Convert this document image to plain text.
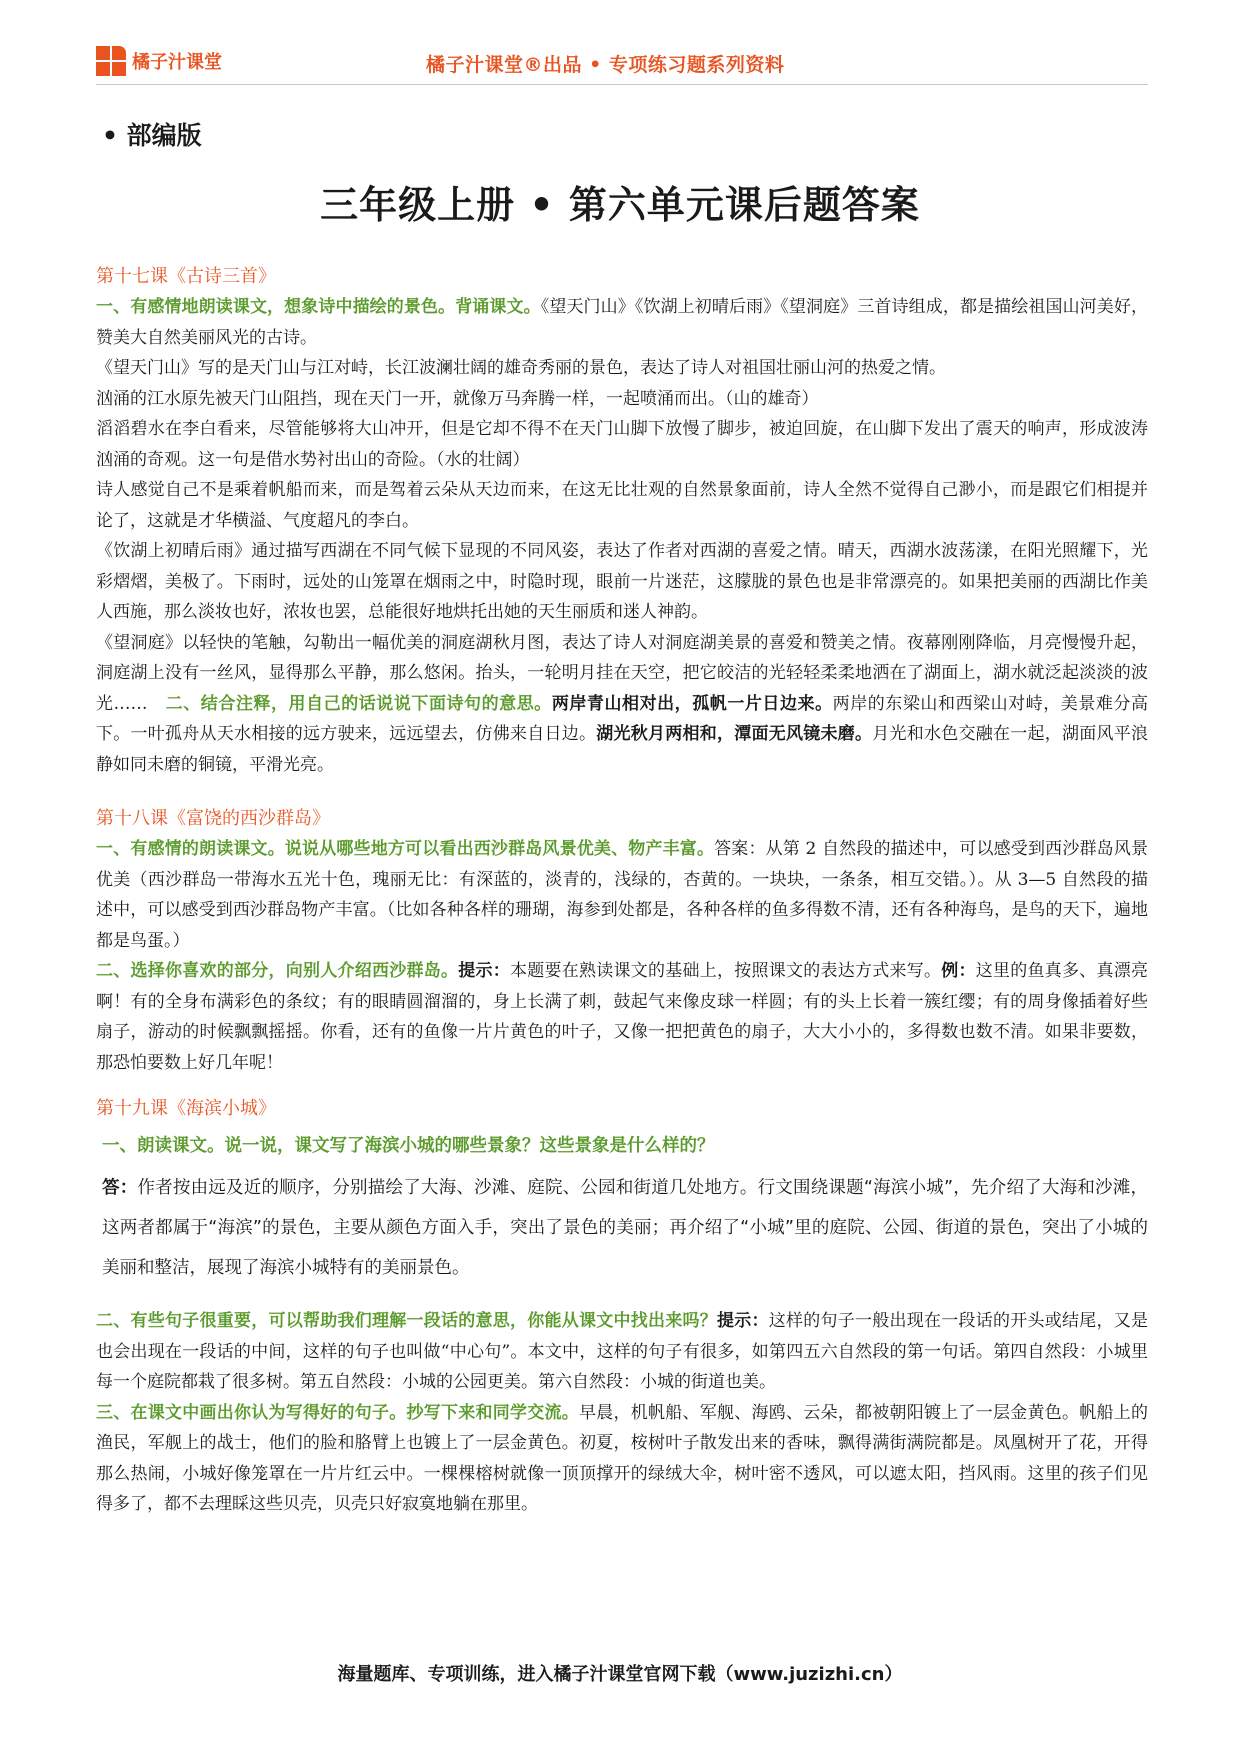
橘子汁课堂	橘子汁课堂®出品 • 专项练习题系列资料
• 部编版
三年级上册 • 第六单元课后题答案
第十七课《古诗三首》

一、有感情地朗读课文，想象诗中描绘的景色。背诵课文。《望天门山》《饮湖上初晴后雨》《望洞庭》三首诗组成，都是描绘祖国山河美好，赞美大自然美丽风光的古诗。

《望天门山》写的是天门山与江对峙，长江波澜壮阔的雄奇秀丽的景色，表达了诗人对祖国壮丽山河的热爱之情。

汹涌的江水原先被天门山阻挡，现在天门一开，就像万马奔腾一样，一起喷涌而出。（山的雄奇）

滔滔碧水在李白看来，尽管能够将大山冲开，但是它却不得不在天门山脚下放慢了脚步，被迫回旋，在山脚下发出了震天的响声，形成波涛汹涌的奇观。这一句是借水势衬出山的奇险。（水的壮阔）

诗人感觉自己不是乘着帆船而来，而是驾着云朵从天边而来，在这无比壮观的自然景象面前，诗人全然不觉得自己渺小，而是跟它们相提并论了，这就是才华横溢、气度超凡的李白。

《饮湖上初晴后雨》通过描写西湖在不同气候下显现的不同风姿，表达了作者对西湖的喜爱之情。晴天，西湖水波荡漾，在阳光照耀下，光彩熠熠，美极了。下雨时，远处的山笼罩在烟雨之中，时隐时现，眼前一片迷茫，这朦胧的景色也是非常漂亮的。如果把美丽的西湖比作美人西施，那么淡妆也好，浓妆也罢，总能很好地烘托出她的天生丽质和迷人神韵。

《望洞庭》以轻快的笔触，勾勒出一幅优美的洞庭湖秋月图，表达了诗人对洞庭湖美景的喜爱和赞美之情。夜幕刚刚降临，月亮慢慢升起，洞庭湖上没有一丝风，显得那么平静，那么悠闲。抬头，一轮明月挂在天空，把它皎洁的光轻轻柔柔地洒在了湖面上，湖水就泛起淡淡的波光……　 二、结合注释，用自己的话说说下面诗句的意思。两岸青山相对出，孤帆一片日边来。两岸的东梁山和西梁山对峙，美景难分高下。一叶孤舟从天水相接的远方驶来，远远望去，仿佛来自日边。湖光秋月两相和，潭面无风镜未磨。月光和水色交融在一起，湖面风平浪静如同未磨的铜镜，平滑光亮。

第十八课《富饶的西沙群岛》

一、有感情的朗读课文。说说从哪些地方可以看出西沙群岛风景优美、物产丰富。答案：从第 2 自然段的描述中，可以感受到西沙群岛风景优美（西沙群岛一带海水五光十色，瑰丽无比：有深蓝的，淡青的，浅绿的，杏黄的。一块块，一条条，相互交错。）。从 3—5 自然段的描述中，可以感受到西沙群岛物产丰富。（比如各种各样的珊瑚，海参到处都是，各种各样的鱼多得数不清，还有各种海鸟，是鸟的天下，遍地都是鸟蛋。）

二、选择你喜欢的部分，向别人介绍西沙群岛。提示：本题要在熟读课文的基础上，按照课文的表达方式来写。例：这里的鱼真多、真漂亮啊！有的全身布满彩色的条纹；有的眼睛圆溜溜的，身上长满了刺，鼓起气来像皮球一样圆；有的头上长着一簇红缨；有的周身像插着好些扇子，游动的时候飘飘摇摇。你看，还有的鱼像一片片黄色的叶子，又像一把把黄色的扇子，大大小小的，多得数也数不清。如果非要数，那恐怕要数上好几年呢！

第十九课《海滨小城》

一、朗读课文。说一说，课文写了海滨小城的哪些景象？这些景象是什么样的？

答：作者按由远及近的顺序，分别描绘了大海、沙滩、庭院、公园和街道几处地方。行文围绕课题“海滨小城”，先介绍了大海和沙滩，这两者都属于“海滨”的景色，主要从颜色方面入手，突出了景色的美丽；再介绍了“小城”里的庭院、公园、街道的景色，突出了小城的美丽和整洁，展现了海滨小城特有的美丽景色。

二、有些句子很重要，可以帮助我们理解一段话的意思，你能从课文中找出来吗？提示：这样的句子一般出现在一段话的开头或结尾，又是也会出现在一段话的中间，这样的句子也叫做“中心句”。本文中，这样的句子有很多，如第四五六自然段的第一句话。第四自然段：小城里每一个庭院都栽了很多树。第五自然段：小城的公园更美。第六自然段：小城的街道也美。

三、在课文中画出你认为写得好的句子。抄写下来和同学交流。早晨，机帆船、军舰、海鸥、云朵，都被朝阳镀上了一层金黄色。帆船上的渔民，军舰上的战士，他们的脸和胳臂上也镀上了一层金黄色。初夏，桉树叶子散发出来的香味，飘得满街满院都是。凤凰树开了花，开得那么热闹，小城好像笼罩在一片片红云中。一棵棵榕树就像一顶顶撑开的绿绒大伞，树叶密不透风，可以遮太阳，挡风雨。这里的孩子们见得多了，都不去理睬这些贝壳，贝壳只好寂寞地躺在那里。

海量题库、专项训练，进入橘子汁课堂官网下载（www.juzizhi.cn）
